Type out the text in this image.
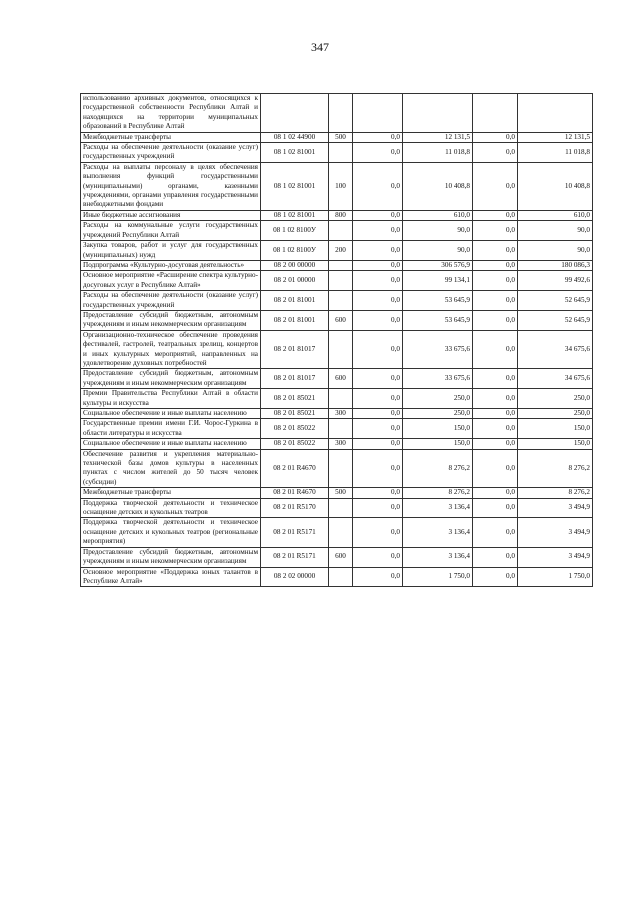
347
использованию архивных документов, относящихся к государственной собственности Республики Алтай и находящихся на территории муниципальных образований в Республике Алтай						
Межбюджетные трансферты	08 1 02 44900	500	0,0	12 131,5	0,0	12 131,5
Расходы на обеспечение деятельности (оказание услуг) государственных учреждений	08 1 02 81001		0,0	11 018,8	0,0	11 018,8
Расходы на выплаты персоналу в целях обеспечения выполнения функций государственными (муниципальными) органами, казенными учреждениями, органами управления государственными внебюджетными фондами	08 1 02 81001	100	0,0	10 408,8	0,0	10 408,8
Иные бюджетные ассигнования	08 1 02 81001	800	0,0	610,0	0,0	610,0
Расходы на коммунальные услуги государственных учреждений Республики Алтай	08 1 02 8100У		0,0	90,0	0,0	90,0
Закупка товаров, работ и услуг для государственных (муниципальных) нужд	08 1 02 8100У	200	0,0	90,0	0,0	90,0
Подпрограмма «Культурно-досуговая деятельность»	08 2 00 00000		0,0	306 576,9	0,0	180 086,3
Основное мероприятие «Расширение спектра культурно-досуговых услуг в Республике Алтай»	08 2 01 00000		0,0	99 134,1	0,0	99 492,6
Расходы на обеспечение деятельности (оказание услуг) государственных учреждений	08 2 01 81001		0,0	53 645,9	0,0	52 645,9
Предоставление субсидий бюджетным, автономным учреждениям и иным некоммерческим организациям	08 2 01 81001	600	0,0	53 645,9	0,0	52 645,9
Организационно-техническое обеспечение проведения фестивалей, гастролей, театральных зрелищ, концертов и иных культурных мероприятий, направленных на удовлетворение духовных потребностей	08 2 01 81017		0,0	33 675,6	0,0	34 675,6
Предоставление субсидий бюджетным, автономным учреждениям и иным некоммерческим организациям	08 2 01 81017	600	0,0	33 675,6	0,0	34 675,6
Премии Правительства Республики Алтай в области культуры и искусства	08 2 01 85021		0,0	250,0	0,0	250,0
Социальное обеспечение и иные выплаты населению	08 2 01 85021	300	0,0	250,0	0,0	250,0
Государственные премии имени Г.И. Чорос-Гуркина в области литературы и искусства	08 2 01 85022		0,0	150,0	0,0	150,0
Социальное обеспечение и иные выплаты населению	08 2 01 85022	300	0,0	150,0	0,0	150,0
Обеспечение развития и укрепления материально-технической базы домов культуры в населенных пунктах с числом жителей до 50 тысяч человек (субсидии)	08 2 01 R4670		0,0	8 276,2	0,0	8 276,2
Межбюджетные трансферты	08 2 01 R4670	500	0,0	8 276,2	0,0	8 276,2
Поддержка творческой деятельности и техническое оснащение детских и кукольных театров	08 2 01 R5170		0,0	3 136,4	0,0	3 494,9
Поддержка творческой деятельности и техническое оснащение детских и кукольных театров (региональные мероприятия)	08 2 01 R5171		0,0	3 136,4	0,0	3 494,9
Предоставление субсидий бюджетным, автономным учреждениям и иным некоммерческим организациям	08 2 01 R5171	600	0,0	3 136,4	0,0	3 494,9
Основное мероприятие «Поддержка юных талантов в Республике Алтай»	08 2 02 00000		0,0	1 750,0	0,0	1 750,0
